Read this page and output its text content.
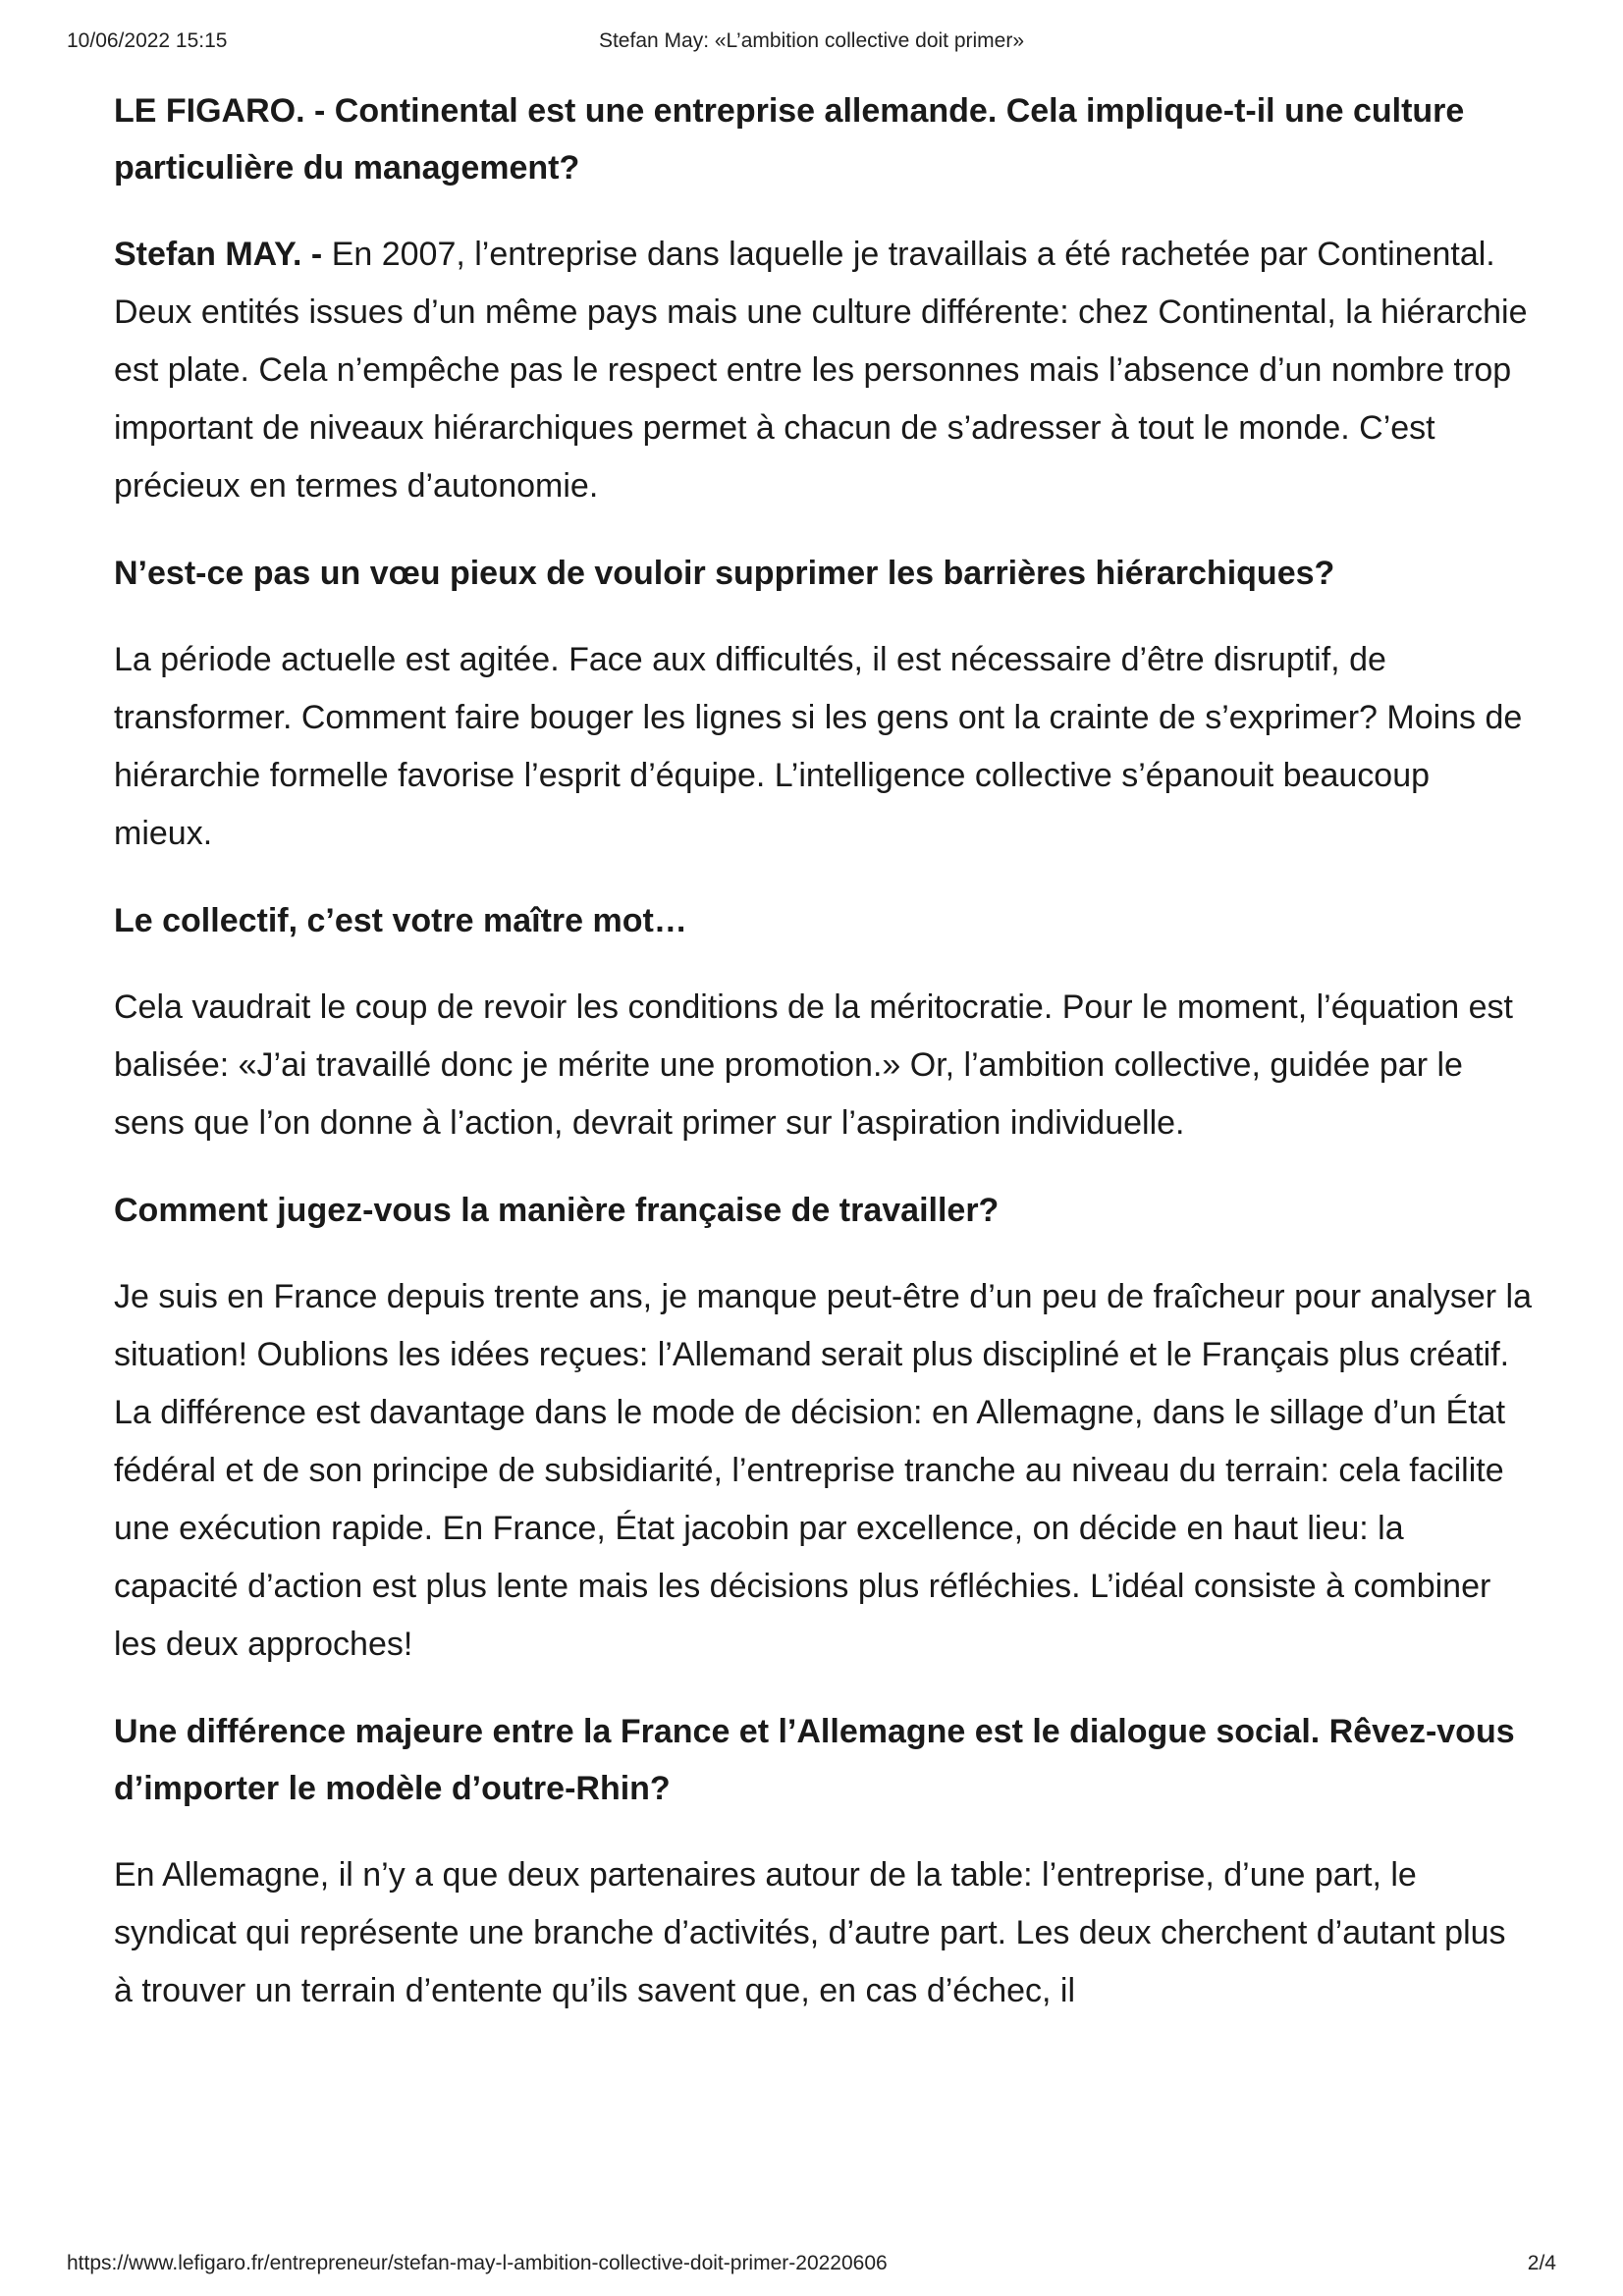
10/06/2022 15:15	Stefan May: «L’ambition collective doit primer»

LE FIGARO. - Continental est une entreprise allemande. Cela implique-t-il une culture particulière du management?

Stefan MAY. - En 2007, l’entreprise dans laquelle je travaillais a été rachetée par Continental. Deux entités issues d’un même pays mais une culture différente: chez Continental, la hiérarchie est plate. Cela n’empêche pas le respect entre les personnes mais l’absence d’un nombre trop important de niveaux hiérarchiques permet à chacun de s’adresser à tout le monde. C’est précieux en termes d’autonomie.

N’est-ce pas un vœu pieux de vouloir supprimer les barrières hiérarchiques?

La période actuelle est agitée. Face aux difficultés, il est nécessaire d’être disruptif, de transformer. Comment faire bouger les lignes si les gens ont la crainte de s’exprimer? Moins de hiérarchie formelle favorise l’esprit d’équipe. L’intelligence collective s’épanouit beaucoup mieux.

Le collectif, c’est votre maître mot…

Cela vaudrait le coup de revoir les conditions de la méritocratie. Pour le moment, l’équation est balisée: «J’ai travaillé donc je mérite une promotion.» Or, l’ambition collective, guidée par le sens que l’on donne à l’action, devrait primer sur l’aspiration individuelle.

Comment jugez-vous la manière française de travailler?

Je suis en France depuis trente ans, je manque peut-être d’un peu de fraîcheur pour analyser la situation! Oublions les idées reçues: l’Allemand serait plus discipliné et le Français plus créatif. La différence est davantage dans le mode de décision: en Allemagne, dans le sillage d’un État fédéral et de son principe de subsidiarité, l’entreprise tranche au niveau du terrain: cela facilite une exécution rapide. En France, État jacobin par excellence, on décide en haut lieu: la capacité d’action est plus lente mais les décisions plus réfléchies. L’idéal consiste à combiner les deux approches!

Une différence majeure entre la France et l’Allemagne est le dialogue social. Rêvez-vous d’importer le modèle d’outre-Rhin?

En Allemagne, il n’y a que deux partenaires autour de la table: l’entreprise, d’une part, le syndicat qui représente une branche d’activités, d’autre part. Les deux cherchent d’autant plus à trouver un terrain d’entente qu’ils savent que, en cas d’échec, il

https://www.lefigaro.fr/entrepreneur/stefan-may-l-ambition-collective-doit-primer-20220606	2/4
